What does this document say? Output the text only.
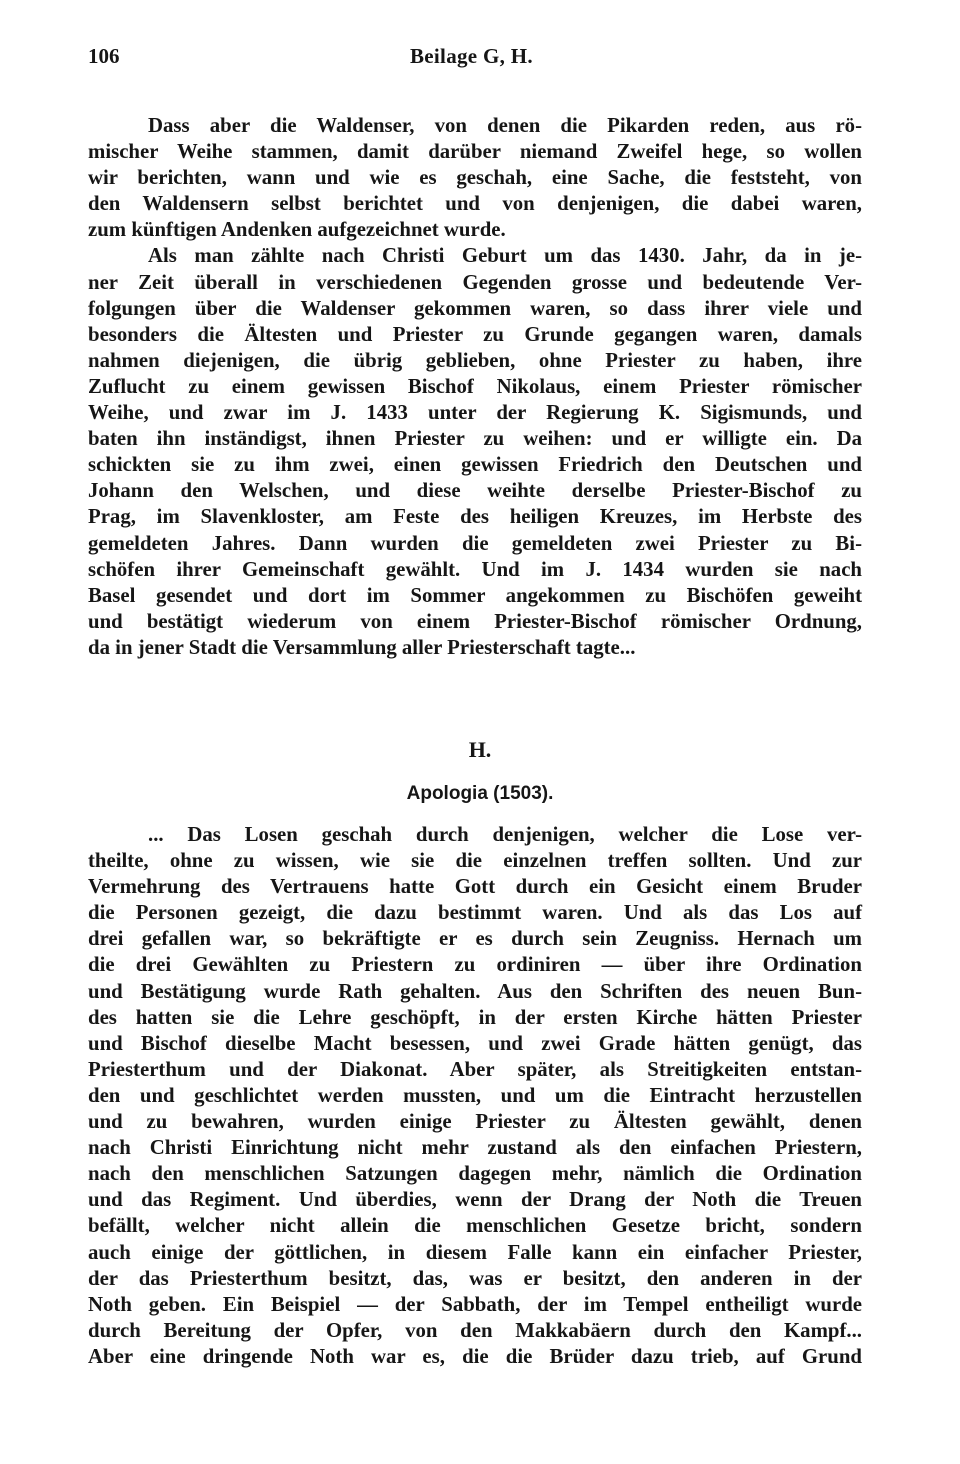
106	Beilage G, H.
Dass aber die Waldenser, von denen die Pikarden reden, aus rö-
mischer Weihe stammen, damit darüber niemand Zweifel hege, so wollen
wir berichten, wann und wie es geschah, eine Sache, die feststeht, von
den Waldensern selbst berichtet und von denjenigen, die dabei waren,
zum künftigen Andenken aufgezeichnet wurde.
Als man zählte nach Christi Geburt um das 1430. Jahr, da in je-
ner Zeit überall in verschiedenen Gegenden grosse und bedeutende Ver-
folgungen über die Waldenser gekommen waren, so dass ihrer viele und
besonders die Ältesten und Priester zu Grunde gegangen waren, damals
nahmen diejenigen, die übrig geblieben, ohne Priester zu haben, ihre
Zuflucht zu einem gewissen Bischof Nikolaus, einem Priester römischer
Weihe, und zwar im J. 1433 unter der Regierung K. Sigismunds, und
baten ihn inständigst, ihnen Priester zu weihen: und er willigte ein. Da
schickten sie zu ihm zwei, einen gewissen Friedrich den Deutschen und
Johann den Welschen, und diese weihte derselbe Priester-Bischof zu
Prag, im Slavenkloster, am Feste des heiligen Kreuzes, im Herbste des
gemeldeten Jahres. Dann wurden die gemeldeten zwei Priester zu Bi-
schöfen ihrer Gemeinschaft gewählt. Und im J. 1434 wurden sie nach
Basel gesendet und dort im Sommer angekommen zu Bischöfen geweiht
und bestätigt wiederum von einem Priester-Bischof römischer Ordnung,
da in jener Stadt die Versammlung aller Priesterschaft tagte...
H.
Apologia (1503).
... Das Losen geschah durch denjenigen, welcher die Lose ver-
theilte, ohne zu wissen, wie sie die einzelnen treffen sollten. Und zur
Vermehrung des Vertrauens hatte Gott durch ein Gesicht einem Bruder
die Personen gezeigt, die dazu bestimmt waren. Und als das Los auf
drei gefallen war, so bekräftigte er es durch sein Zeugniss. Hernach um
die drei Gewählten zu Priestern zu ordiniren — über ihre Ordination
und Bestätigung wurde Rath gehalten. Aus den Schriften des neuen Bun-
des hatten sie die Lehre geschöpft, in der ersten Kirche hätten Priester
und Bischof dieselbe Macht besessen, und zwei Grade hätten genügt, das
Priesterthum und der Diakonat. Aber später, als Streitigkeiten entstan-
den und geschlichtet werden mussten, und um die Eintracht herzustellen
und zu bewahren, wurden einige Priester zu Ältesten gewählt, denen
nach Christi Einrichtung nicht mehr zustand als den einfachen Priestern,
nach den menschlichen Satzungen dagegen mehr, nämlich die Ordination
und das Regiment. Und überdies, wenn der Drang der Noth die Treuen
befällt, welcher nicht allein die menschlichen Gesetze bricht, sondern
auch einige der göttlichen, in diesem Falle kann ein einfacher Priester,
der das Priesterthum besitzt, das, was er besitzt, den anderen in der
Noth geben. Ein Beispiel — der Sabbath, der im Tempel entheiligt wurde
durch Bereitung der Opfer, von den Makkabäern durch den Kampf...
Aber eine dringende Noth war es, die die Brüder dazu trieb, auf Grund
